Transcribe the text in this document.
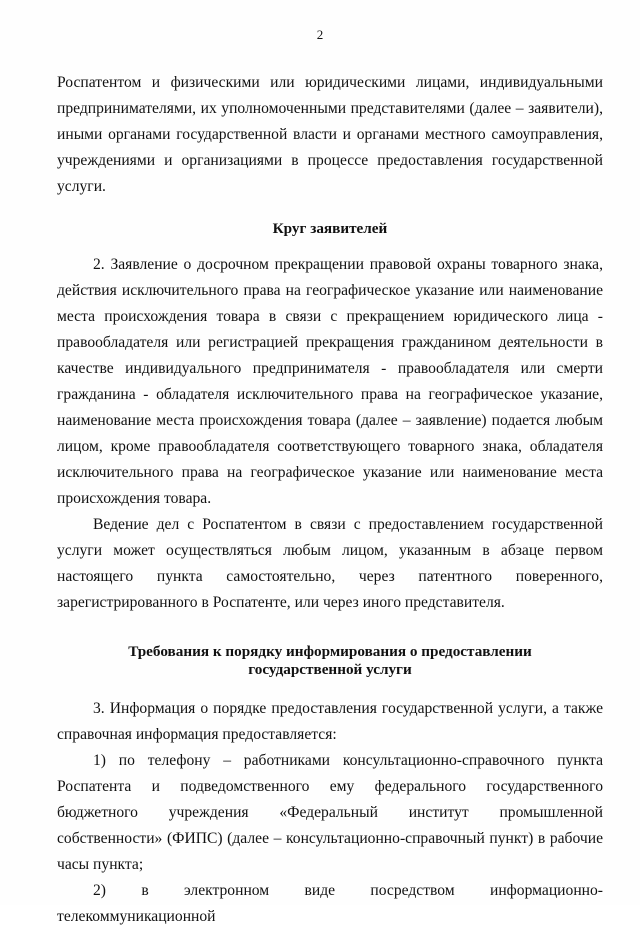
2

Роспатентом и физическими или юридическими лицами, индивидуальными предпринимателями, их уполномоченными представителями (далее – заявители), иными органами государственной власти и органами местного самоуправления, учреждениями и организациями в процессе предоставления государственной услуги.

Круг заявителей

2. Заявление о досрочном прекращении правовой охраны товарного знака, действия исключительного права на географическое указание или наименование места происхождения товара в связи с прекращением юридического лица - правообладателя или регистрацией прекращения гражданином деятельности в качестве индивидуального предпринимателя - правообладателя или смерти гражданина - обладателя исключительного права на географическое указание, наименование места происхождения товара (далее – заявление) подается любым лицом, кроме правообладателя соответствующего товарного знака, обладателя исключительного права на географическое указание или наименование места происхождения товара.

Ведение дел с Роспатентом в связи с предоставлением государственной услуги может осуществляться любым лицом, указанным в абзаце первом настоящего пункта самостоятельно, через патентного поверенного, зарегистрированного в Роспатенте, или через иного представителя.

Требования к порядку информирования о предоставлении
государственной услуги

3. Информация о порядке предоставления государственной услуги, а также справочная информация предоставляется:

1) по телефону – работниками консультационно-справочного пункта Роспатента и подведомственного ему федерального государственного бюджетного учреждения «Федеральный институт промышленной собственности» (ФИПС) (далее – консультационно-справочный пункт) в рабочие часы пункта;

2) в электронном виде посредством информационно-телекоммуникационной
